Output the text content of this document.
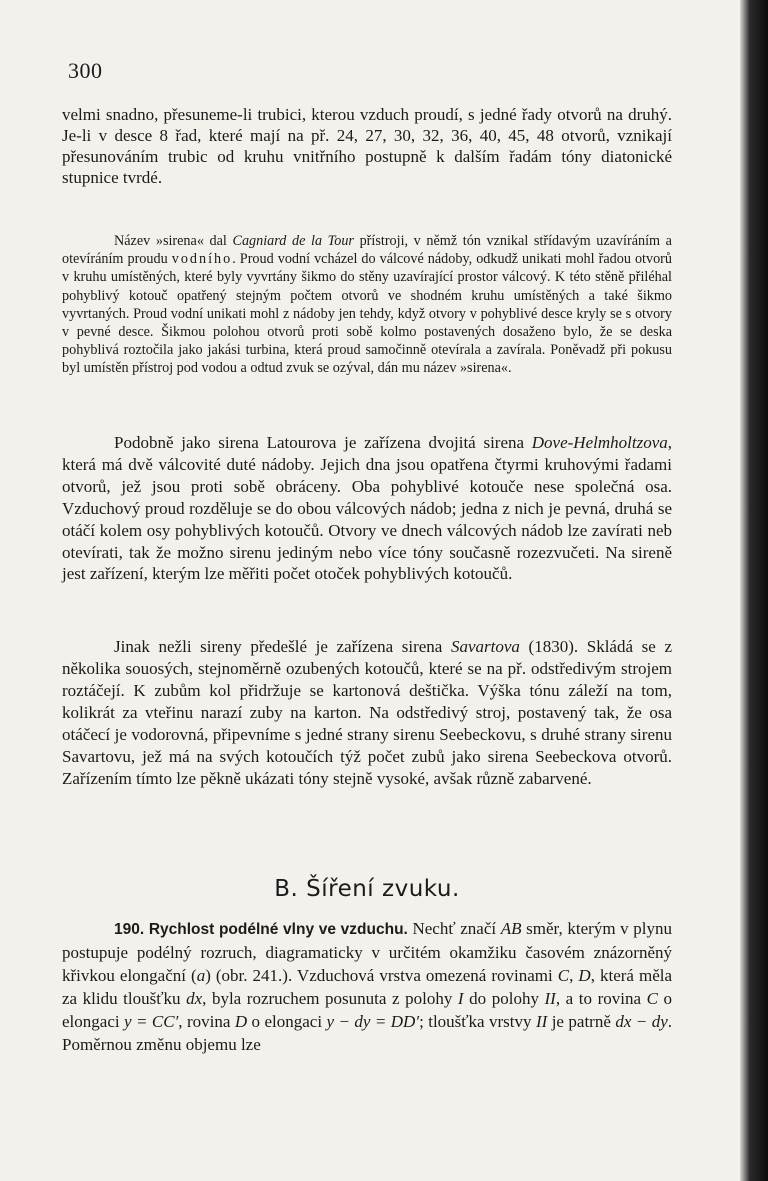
300

velmi snadno, přesuneme-li trubici, kterou vzduch proudí, s jedné řady otvorů na druhý. Je-li v desce 8 řad, které mají na př. 24, 27, 30, 32, 36, 40, 45, 48 otvorů, vznikají přesunováním trubic od kruhu vnitřního postupně k dalším řadám tóny diatonické stupnice tvrdé.

Název »sirena« dal Cagniard de la Tour přístroji, v němž tón vznikal střídavým uzavíráním a otevíráním proudu vodního. Proud vodní vcházel do válcové nádoby, odkudž unikati mohl řadou otvorů v kruhu umístěných, které byly vyvrtány šikmo do stěny uzavírající prostor válcový. K této stěně přiléhal pohyblivý kotouč opatřený stejným počtem otvorů ve shodném kruhu umístěných a také šikmo vyvrtaných. Proud vodní unikati mohl z nádoby jen tehdy, když otvory v pohyblivé desce kryly se s otvory v pevné desce. Šikmou polohou otvorů proti sobě kolmo postavených dosaženo bylo, že se deska pohyblivá roztočila jako jakási turbina, která proud samočinně otevírala a zavírala. Poněvadž při pokusu byl umístěn přístroj pod vodou a odtud zvuk se ozýval, dán mu název »sirena«.

Podobně jako sirena Latourova je zařízena dvojitá sirena Dove-Helmholtzova, která má dvě válcovité duté nádoby. Jejich dna jsou opatřena čtyrmi kruhovými řadami otvorů, jež jsou proti sobě obráceny. Oba pohyblivé kotouče nese společná osa. Vzduchový proud rozděluje se do obou válcových nádob; jedna z nich je pevná, druhá se otáčí kolem osy pohyblivých kotoučů. Otvory ve dnech válcových nádob lze zavírati neb otevírati, tak že možno sirenu jediným nebo více tóny současně rozezvučeti. Na sireně jest zařízení, kterým lze měřiti počet otoček pohyblivých kotoučů.

Jinak nežli sireny předešlé je zařízena sirena Savartova (1830). Skládá se z několika souosých, stejnoměrně ozubených kotoučů, které se na př. odstředivým strojem roztáčejí. K zubům kol přidržuje se kartonová deštička. Výška tónu záleží na tom, kolikrát za vteřinu narazí zuby na karton. Na odstředivý stroj, postavený tak, že osa otáčecí je vodorovná, připevníme s jedné strany sirenu Seebeckovu, s druhé strany sirenu Savartovu, jež má na svých kotoučích týž počet zubů jako sirena Seebeckova otvorů. Zařízením tímto lze pěkně ukázati tóny stejně vysoké, avšak různě zabarvené.

B. Šíření zvuku.

190. Rychlost podélné vlny ve vzduchu. Nechť značí AB směr, kterým v plynu postupuje podélný rozruch, diagramaticky v určitém okamžiku časovém znázorněný křivkou elongační (a) (obr. 241.). Vzduchová vrstva omezená rovinami C, D, která měla za klidu tloušťku dx, byla rozruchem posunuta z polohy I do polohy II, a to rovina C o elongaci y = CC′, rovina D o elongaci y − dy = DD′; tloušťka vrstvy II je patrně dx − dy. Poměrnou změnu objemu lze
